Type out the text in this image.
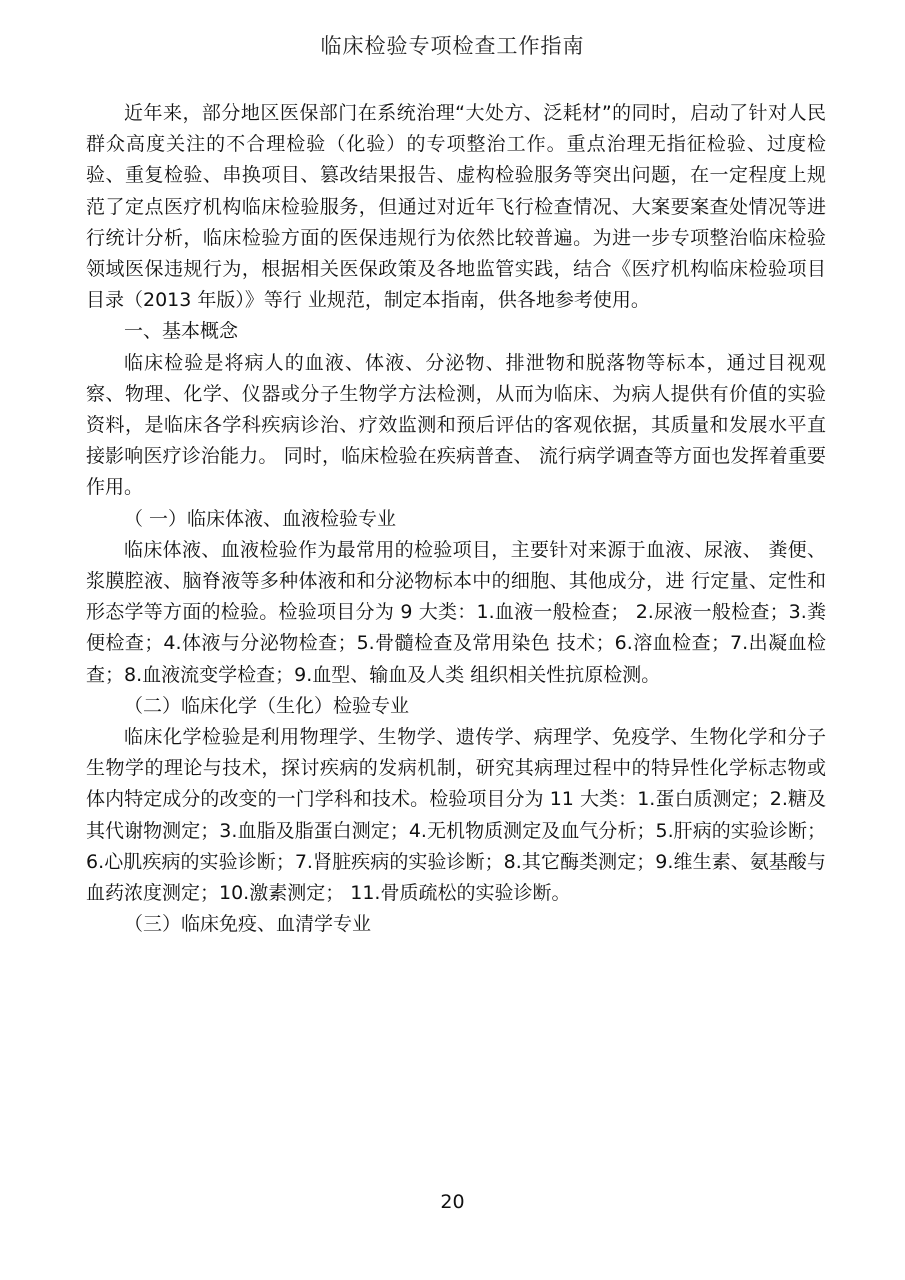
临床检验专项检查工作指南

近年来，部分地区医保部门在系统治理“大处方、泛耗材”的同时，启动了针对人民群众高度关注的不合理检验（化验）的专项整治工作。重点治理无指征检验、过度检验、重复检验、串换项目、篡改结果报告、虚构检验服务等突出问题，在一定程度上规范了定点医疗机构临床检验服务，但通过对近年飞行检查情况、大案要案查处情况等进行统计分析，临床检验方面的医保违规行为依然比较普遍。为进一步专项整治临床检验领域医保违规行为，根据相关医保政策及各地监管实践，结合《医疗机构临床检验项目目录（2013 年版）》等行 业规范，制定本指南，供各地参考使用。

一、基本概念

临床检验是将病人的血液、体液、分泌物、排泄物和脱落物等标本，通过目视观察、物理、化学、仪器或分子生物学方法检测，从而为临床、为病人提供有价值的实验资料，是临床各学科疾病诊治、疗效监测和预后评估的客观依据，其质量和发展水平直接影响医疗诊治能力。 同时，临床检验在疾病普查、 流行病学调查等方面也发挥着重要作用。

（ 一）临床体液、血液检验专业

临床体液、血液检验作为最常用的检验项目，主要针对来源于血液、尿液、 粪便、浆膜腔液、脑脊液等多种体液和和分泌物标本中的细胞、其他成分，进 行定量、定性和形态学等方面的检验。检验项目分为 9 大类：1.血液一般检查； 2.尿液一般检查；3.粪便检查；4.体液与分泌物检查；5.骨髓检查及常用染色 技术；6.溶血检查；7.出凝血检查；8.血液流变学检查；9.血型、输血及人类 组织相关性抗原检测。

（二）临床化学（生化）检验专业

临床化学检验是利用物理学、生物学、遗传学、病理学、免疫学、生物化学和分子生物学的理论与技术，探讨疾病的发病机制，研究其病理过程中的特异性化学标志物或体内特定成分的改变的一门学科和技术。检验项目分为 11 大类：1.蛋白质测定；2.糖及其代谢物测定；3.血脂及脂蛋白测定；4.无机物质测定及血气分析；5.肝病的实验诊断；6.心肌疾病的实验诊断；7.肾脏疾病的实验诊断；8.其它酶类测定；9.维生素、氨基酸与血药浓度测定；10.激素测定； 11.骨质疏松的实验诊断。

（三）临床免疫、血清学专业

20
